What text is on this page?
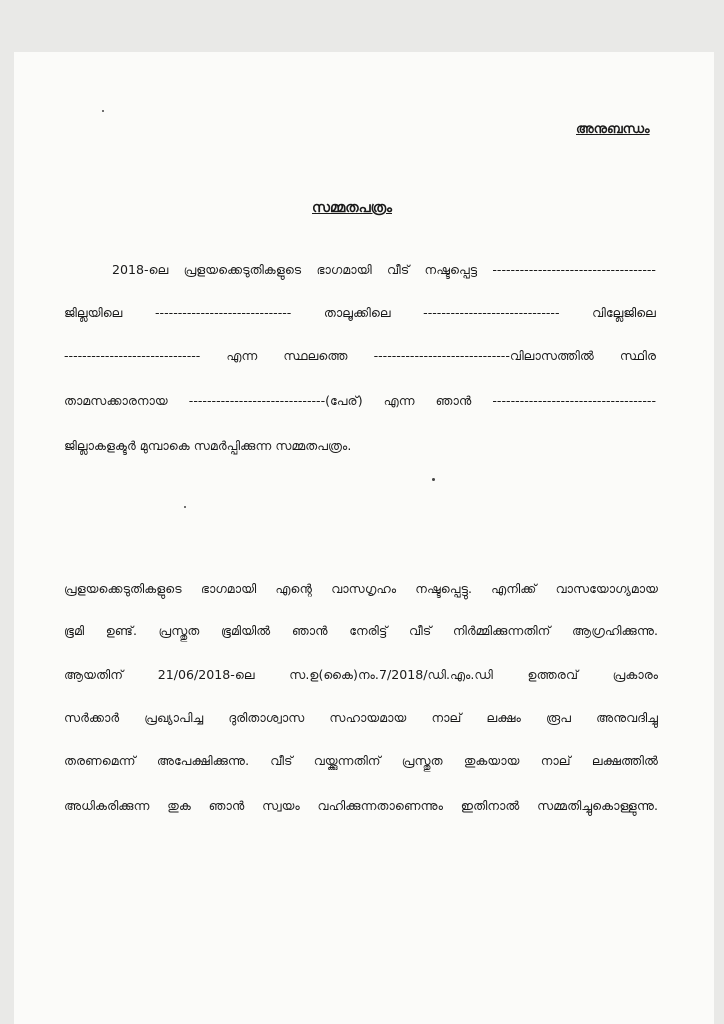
അനുബന്ധം
സമ്മതപത്രം
2018-ലെ പ്രളയക്കെടുതികളുടെ ഭാഗമായി വീട് നഷ്ടപ്പെട്ട ------------------------------------
ജില്ലയിലെ	------------------------------	താലൂക്കിലെ	------------------------------	വില്ലേജിലെ
------------------------------ എന്ന സ്ഥലത്തെ ------------------------------വിലാസത്തിൽ സ്ഥിര
താമസക്കാരനായ ------------------------------(പേര്) എന്ന ഞാൻ ------------------------------------
ജില്ലാകളക്ടർ മുമ്പാകെ സമർപ്പിക്കുന്ന സമ്മതപത്രം.
പ്രളയക്കെടുതികളുടെ ഭാഗമായി എന്റെ വാസഗൃഹം നഷ്ടപ്പെട്ടു. എനിക്ക് വാസയോഗ്യമായ
ഭൂമി ഉണ്ട്. പ്രസ്തുത ഭൂമിയിൽ ഞാൻ നേരിട്ട് വീട് നിർമ്മിക്കുന്നതിന് ആഗ്രഹിക്കുന്നു.
ആയതിന് 21/06/2018-ലെ സ.ഉ(കൈ)നം.7/2018/ഡി.എം.ഡി ഉത്തരവ് പ്രകാരം
സർക്കാർ പ്രഖ്യാപിച്ച ദുരിതാശ്വാസ സഹായമായ നാല് ലക്ഷം രൂപ അനുവദിച്ചു
തരണമെന്ന് അപേക്ഷിക്കുന്നു. വീട് വയ്ക്കുന്നതിന് പ്രസ്തുത തുകയായ നാല് ലക്ഷത്തിൽ
അധികരിക്കുന്ന തുക ഞാൻ സ്വയം വഹിക്കുന്നതാണെന്നും ഇതിനാൽ സമ്മതിച്ചുകൊള്ളുന്നു.
